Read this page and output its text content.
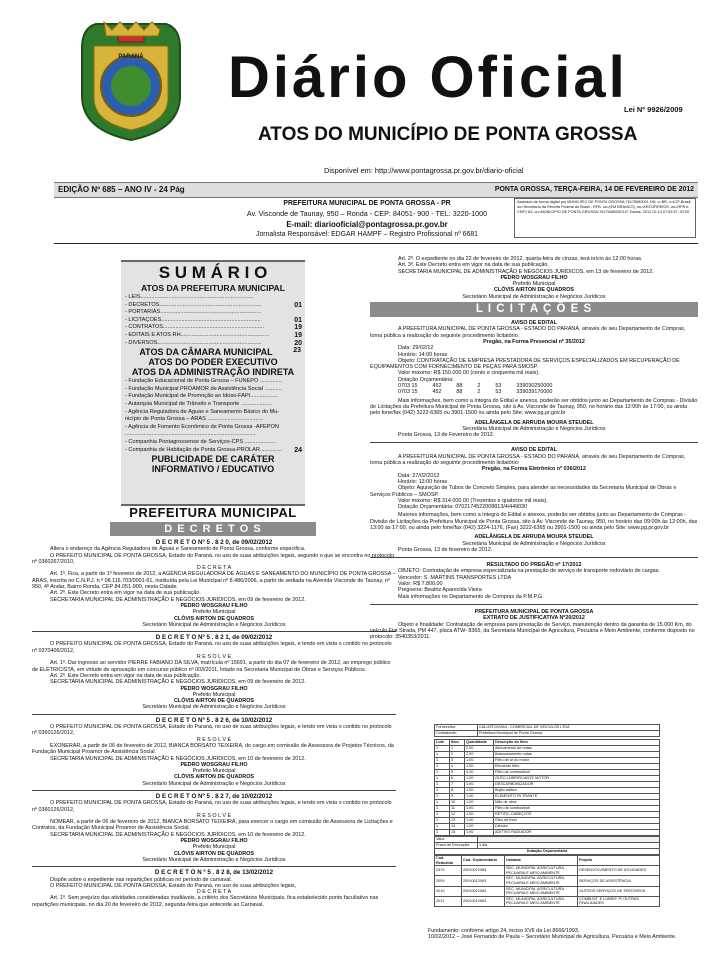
PARANÁ Diário Oficial
Lei Nº 9926/2009
ATOS DO MUNICÍPIO DE PONTA GROSSA
Disponível em: http://www.pontagrossa.pr.gov.br/diario-oficial
EDIÇÃO Nº 685 – ANO IV - 24 Pág	PONTA GROSSA, TERÇA-FEIRA, 14 DE FEVEREIRO DE 2012
PREFEITURA MUNICIPAL DE PONTA GROSSA - PR
Av. Visconde de Taunay, 950 – Ronda - CEP: 84051- 900 - TEL: 3220-1000
E-mail: diariooficial@pontagrossa.pr.gov.br
Jornalista Responsável: EDGAR HAMPF – Registro Profissional nº 6681
Assinado de forma digital por MUNICIPIO DE PONTA GROSSA:76175680001 DN: c=BR, o=ICP-Brasil, ou=Secretaria da Receita Federal do Brasil - RFB, ou=(EM BRANCO), ou=ARCORREIOS, ou=RFB e-CNPJ A3, cn=MUNICIPIO DE PONTA GROSSA:76175680000147 Dados: 2012.02.14 07:53:37 -02'00'
S U M Á R I O
ATOS DA PREFEITURA MUNICIPAL
- LEIS.........................................................................
- DECRETOS..................................................................	01
- PORTARIAS.................................................................
- LICITAÇÕES................................................................	01
- CONTRATOS.................................................................	19
- EDITAIS E ATOS RH.........................................................	19
- DIVERSOS...................................................................	20
ATOS DA CÂMARA MUNICIPAL	23
ATOS DO PODER EXECUTIVO
ATOS DA ADMINISTRAÇÃO INDIRETA
- Fundação Educacional de Ponta Grossa – FUNEPO ..............
- Fundação Municipal PROAMOR de Assistência Social ...........
- Fundação Municipal de Promoção ao Idoso-FAPI..................
- Autarquia Municipal de Trânsito e Transporte ....................
- Agência Reguladora de Águas e Saneamento Básico do Mu-
nicípio de Ponta Grossa – ARAS ....................................
- Agência de Fomento Econômico de Ponta Grossa -AFEPON
....................................................................................
- Companhia Pontagrossense de Serviços-CPS ....................
- Companhia de Habitação de Ponta Grossa-PROLAR..............	24
PUBLICIDADE DE CARÁTER
INFORMATIVO / EDUCATIVO
PREFEITURA MUNICIPAL
D E C R E T O S

D E C R E T O Nº 5 . 8 2 0, de 09/02/2012

Altera o endereço da Agência Reguladora de Águas e Saneamento de Ponta Grossa, conforme especifica.

O PREFEITO MUNICIPAL DE PONTA GROSSA, Estado do Paraná, no uso de suas atribuições legais, segundo o que se encontra no protocolo nº 0360267/2010,

D E C R E T A

Art. 1º. Fica, a partir de 1º fevereiro de 2012, a AGÊNCIA REGULADORA DE ÁGUAS E SANEAMENTO DO MUNICÍPIO DE PONTA GROSSA – ARAS, inscrita no C.N.P.J. n.º 08.116.703/0001-61, instituída pela Lei Municipal nº 8.486/2006, a partir de sediada na Avenida Visconde de Taunay, nº 950, 4º Andar, Bairro Ronda, CEP 84.051-900, nesta Cidade.

Art. 2º. Este Decreto entra em vigor na data de sua publicação.

SECRETARIA MUNICIPAL DE ADMINISTRAÇÃO E NEGÓCIOS JURÍDICOS, em 09 de fevereiro de 2012.

PEDRO WOSGRAU FILHO

Prefeito Municipal

CLÓVIS AIRTON DE QUADROS

Secretário Municipal de Administração e Negócios Jurídicos

D E C R E T O Nº 5 . 8 2 1, de 09/02/2012

O PREFEITO MUNICIPAL DE PONTA GROSSA, Estado do Paraná, no uso de suas atribuições legais, e tendo em vista o contido no protocolo nº 0370406/2012,

R E S O L V E

Art. 1º. Dar ingresso ao servidor PIERRE FABIANO DA SILVA, matrícula nº 15691, a partir do dia 07 de fevereiro de 2012, ao emprego público de ELETRICISTA, em virtude de aprovação em concurso público nº 003/2011, lotado na Secretaria Municipal de Obras e Serviços Públicos.

Art. 2º. Este Decreto entra em vigor na data de sua publicação.

SECRETARIA MUNICIPAL DE ADMINISTRAÇÃO E NEGÓCIOS JURÍDICOS, em 09 de fevereiro de 2012.

PEDRO WOSGRAU FILHO

Prefeito Municipal

CLÓVIS AIRTON DE QUADROS

Secretário Municipal de Administração e Negócios Jurídicos

D E C R E T O Nº 5 . 8 2 6, de 10/02/2012

O PREFEITO MUNICIPAL DE PONTA GROSSA, Estado do Paraná, no uso de suas atribuições legais, e tendo em vista o contido no protocolo nº 0360126/2012,

R E S O L V E

EXONERAR, a partir de 06 de fevereiro de 2012, BIANCA BORSATO TEIXEIRA, do cargo em comissão de Assessora de Projetos Técnicos, da Fundação Municipal Proamor de Assistência Social.

SECRETARIA MUNICIPAL DE ADMINISTRAÇÃO E NEGÓCIOS JURÍDICOS, em 10 de fevereiro de 2012.

PEDRO WOSGRAU FILHO

Prefeito Municipal

CLÓVIS AIRTON DE QUADROS

Secretário Municipal de Administração e Negócios Jurídicos

D E C R E T O Nº 5 . 8 2 7, de 10/02/2012

O PREFEITO MUNICIPAL DE PONTA GROSSA, Estado do Paraná, no uso de suas atribuições legais, e tendo em vista o contido no protocolo nº 0360126/2012,

R E S O L V E

NOMEAR, a partir de 06 de fevereiro de 2012, BIANCA BORSATO TEIXEIRA, para exercer o cargo em comissão de Assessora de Licitações e Contratos, da Fundação Municipal Proamor de Assistência Social.

SECRETARIA MUNICIPAL DE ADMINISTRAÇÃO E NEGÓCIOS JURÍDICOS, em 10 de fevereiro de 2012.

PEDRO WOSGRAU FILHO

Prefeito Municipal

CLÓVIS AIRTON DE QUADROS

Secretário Municipal de Administração e Negócios Jurídicos

D E C R E T O N º 5 . 8 2 8, de 13/02/2012

Dispõe sobre o expediente nas repartições públicas no período de carnaval.

O PREFEITO MUNICIPAL DE PONTA GROSSA, Estado do Paraná, no uso de suas atribuições legais,

D E C R E T A

Art. 1º. Sem prejuízo das atividades consideradas inadiáveis, a critério dos Secretários Municipais, fica estabelecido ponto facultativo nas repartições municipais, no dia 20 de fevereiro de 2012, segunda-feira que antecede ao Carnaval.

Art. 2º. O expediente no dia 22 de fevereiro de 2012, quarta-feira de cinzas, terá início às 12:00 horas.

Art. 3º. Este Decreto entra em vigor na data de sua publicação.

SECRETARIA MUNICIPAL DE ADMINISTRAÇÃO E NEGÓCIOS JURÍDICOS, em 13 de fevereiro de 2012.

PEDRO WOSGRAU FILHO

Prefeito Municipal

CLÓVIS AIRTON DE QUADROS

Secretário Municipal de Administração e Negócios Jurídicos

L I C I T A Ç Õ E S

AVISO DE EDITAL

A PREFEITURA MUNICIPAL DE PONTA GROSSA - ESTADO DO PARANÁ, através de seu Departamento de Compras, torna pública a realização do seguinte procedimento licitatório:

Pregão, na Forma Presencial nº 35/2012

Data: 29/02/12

Horário: 14:00 horas

Objeto: CONTRATAÇÃO DE EMPRESA PRESTADORA DE SERVIÇOS ESPECIALIZADOS EM RECUPERAÇÃO DE EQUIPAMENTOS COM FORNECIMENTO DE PEÇAS PARA SMOSP.

Valor máximo: R$ 150.000,00 (cento e cinquenta mil reais).

Dotação Orçamentária:

0703 15          452          88          2          53          339030250000

0703 15          452          88          2          53          339039170000

Mais informações, bem como a íntegra do Edital e anexos, poderão ser obtidos junto ao Departamento de Compras - Divisão de Licitações da Prefeitura Municipal de Ponta Grossa, sito à Av. Visconde de Taunay, 950, no horário das 12:00h às 17:00, ou ainda pelo fone/fax (042) 3222-6365 ou 3901-1500 ou ainda pelo Site: www.pg.pr.gov.br

ADELÂNGELA DE ARRUDA MOURA STEUDEL

Secretária Municipal de Administração e Negócios Jurídicos

Ponta Grossa, 13 de Fevereiro de 2012.

AVISO DE EDITAL

A PREFEITURA MUNICIPAL DE PONTA GROSSA - ESTADO DO PARANÁ, através de seu Departamento de Compras, torna pública a realização do seguinte procedimento licitatório:

Pregão, na Forma Eletrônico nº 036/2012

Data: 27/02/2012

Horário: 13:00 horas

Objeto: Aquisição de Tubos de Concreto Simples, para atender as necessidades da Secretaria Municipal de Obras e Serviços Públicos – SMOSP.

Valor máximo: R$ 314.000,00 (Trezentos e quatorze mil reais).

Dotação Orçamentária: 0702174522008813/4/449030

Maiores informações, bem como a íntegra do Edital e anexos, poderão ser obtidos junto ao Departamento de Compras - Divisão de Licitações da Prefeitura Municipal de Ponta Grossa, sito à Av. Visconde de Taunay, 950, no horário das 09:00h às 12:00h, das 13:00 às 17:00, ou ainda pelo fone/fax (042) 3224-1176, (Fax) 3222-6365 ou 3901-1500 ou ainda pelo Site: www.pg.pr.gov.br

ADELÂNGELA DE ARRUDA MOURA STEUDEL

Secretária Municipal de Administração e Negócios Jurídicos

Ponta Grossa, 13 de fevereiro de 2012.

RESULTADO DO PREGÃO nº 17/2012

OBJETO: Contratação de empresa especializada na prestação de serviço de transporte rodoviário de cargas.

Vencedor: S. MARTINS TRANSPORTES LTDA

Valor: R$ 7.800,00

Pregoeira: Beatriz Aparecida Vieira

Mais informações no Departamento de Compras da P.M.P.G.

PREFEITURA MUNICIPAL DE PONTA GROSSA

EXTRATO DE JUSTIFICATIVA Nº20/2012

Objeto e finalidade: Contratação de empresa para prestação de Serviço, manutenção dentro da garantia de 15.000 Km, do veículo Fiat Strada, PM 447, placa ATW- 8365, da Secretaria Municipal de Agricultura, Pecuária e Meio Ambiente, conforme disposto no protocolo: 3540353/2011.

Fornecedor:	CALUSTOVIANI - COMERCIAL DE VEICULOS LTDA
Contratante:	Prefeitura Municipal de Ponta Grossa
Lote	Item	Quantidade	Descrição do Item
1	1	2,00	Alinhamento de rodas
1	2	2,00	Balanceamento rodas
1	3	1,00	Filtro de ar do motor
1	4	1,00	Elemento filtro
1	5	4,00	Filtro de combustível
1	6	1,00	ÓLEO LUBRIFICANTE MOTOR
1	7	1,00	DESCARBONIZADOR
1	8	1,00	Bujão aditivo
1	9	1,00	ELEMENTO FILTRANTE
1	10	1,00	Mão de obra
1	11	1,00	Filtro de combustível
1	12	1,00	RETIFIC.CABEÇOTE
1	13	1,00	Óleo de freio
1	14	1,00	Diluidor
1	15	1,00	ADITIVO RADIADOR
Valor:	
Prazo de Execução:	1 dia
Dotação Orçamentária	
Cod. Reduzido	Cod. Orçamentário	Unidade	Projeto
2379	20010012083	SEC. MUNICIPAL AGRICULTURA, PECUARIA E MEIO AMBIENTE	DESENVOLVIMENTO DE ATIVIDADES
2009	20010012063	SEC. MUNICIPAL AGRICULTURA, PECUARIA E MEIO AMBIENTE	SERVIÇOS DE ASSISTÊNCIA
2010	20010012063	SEC. MUNICIPAL AGRICULTURA, PECUARIA E MEIO AMBIENTE	OUTROS SERVIÇOS DE TERCEIROS
2011	20010012063	SEC. MUNICIPAL AGRICULTURA, PECUARIA E MEIO AMBIENTE	COMBUST. E LUBRIF. P/ OUTRAS FINALIDADES

Fundamento: conforme artigo 24, inciso XVII da Lei 8666/1993.

10/02/2012 – José Fernando de Paula – Secretário Municipal de Agricultura, Pecuária e Meio Ambiente.
